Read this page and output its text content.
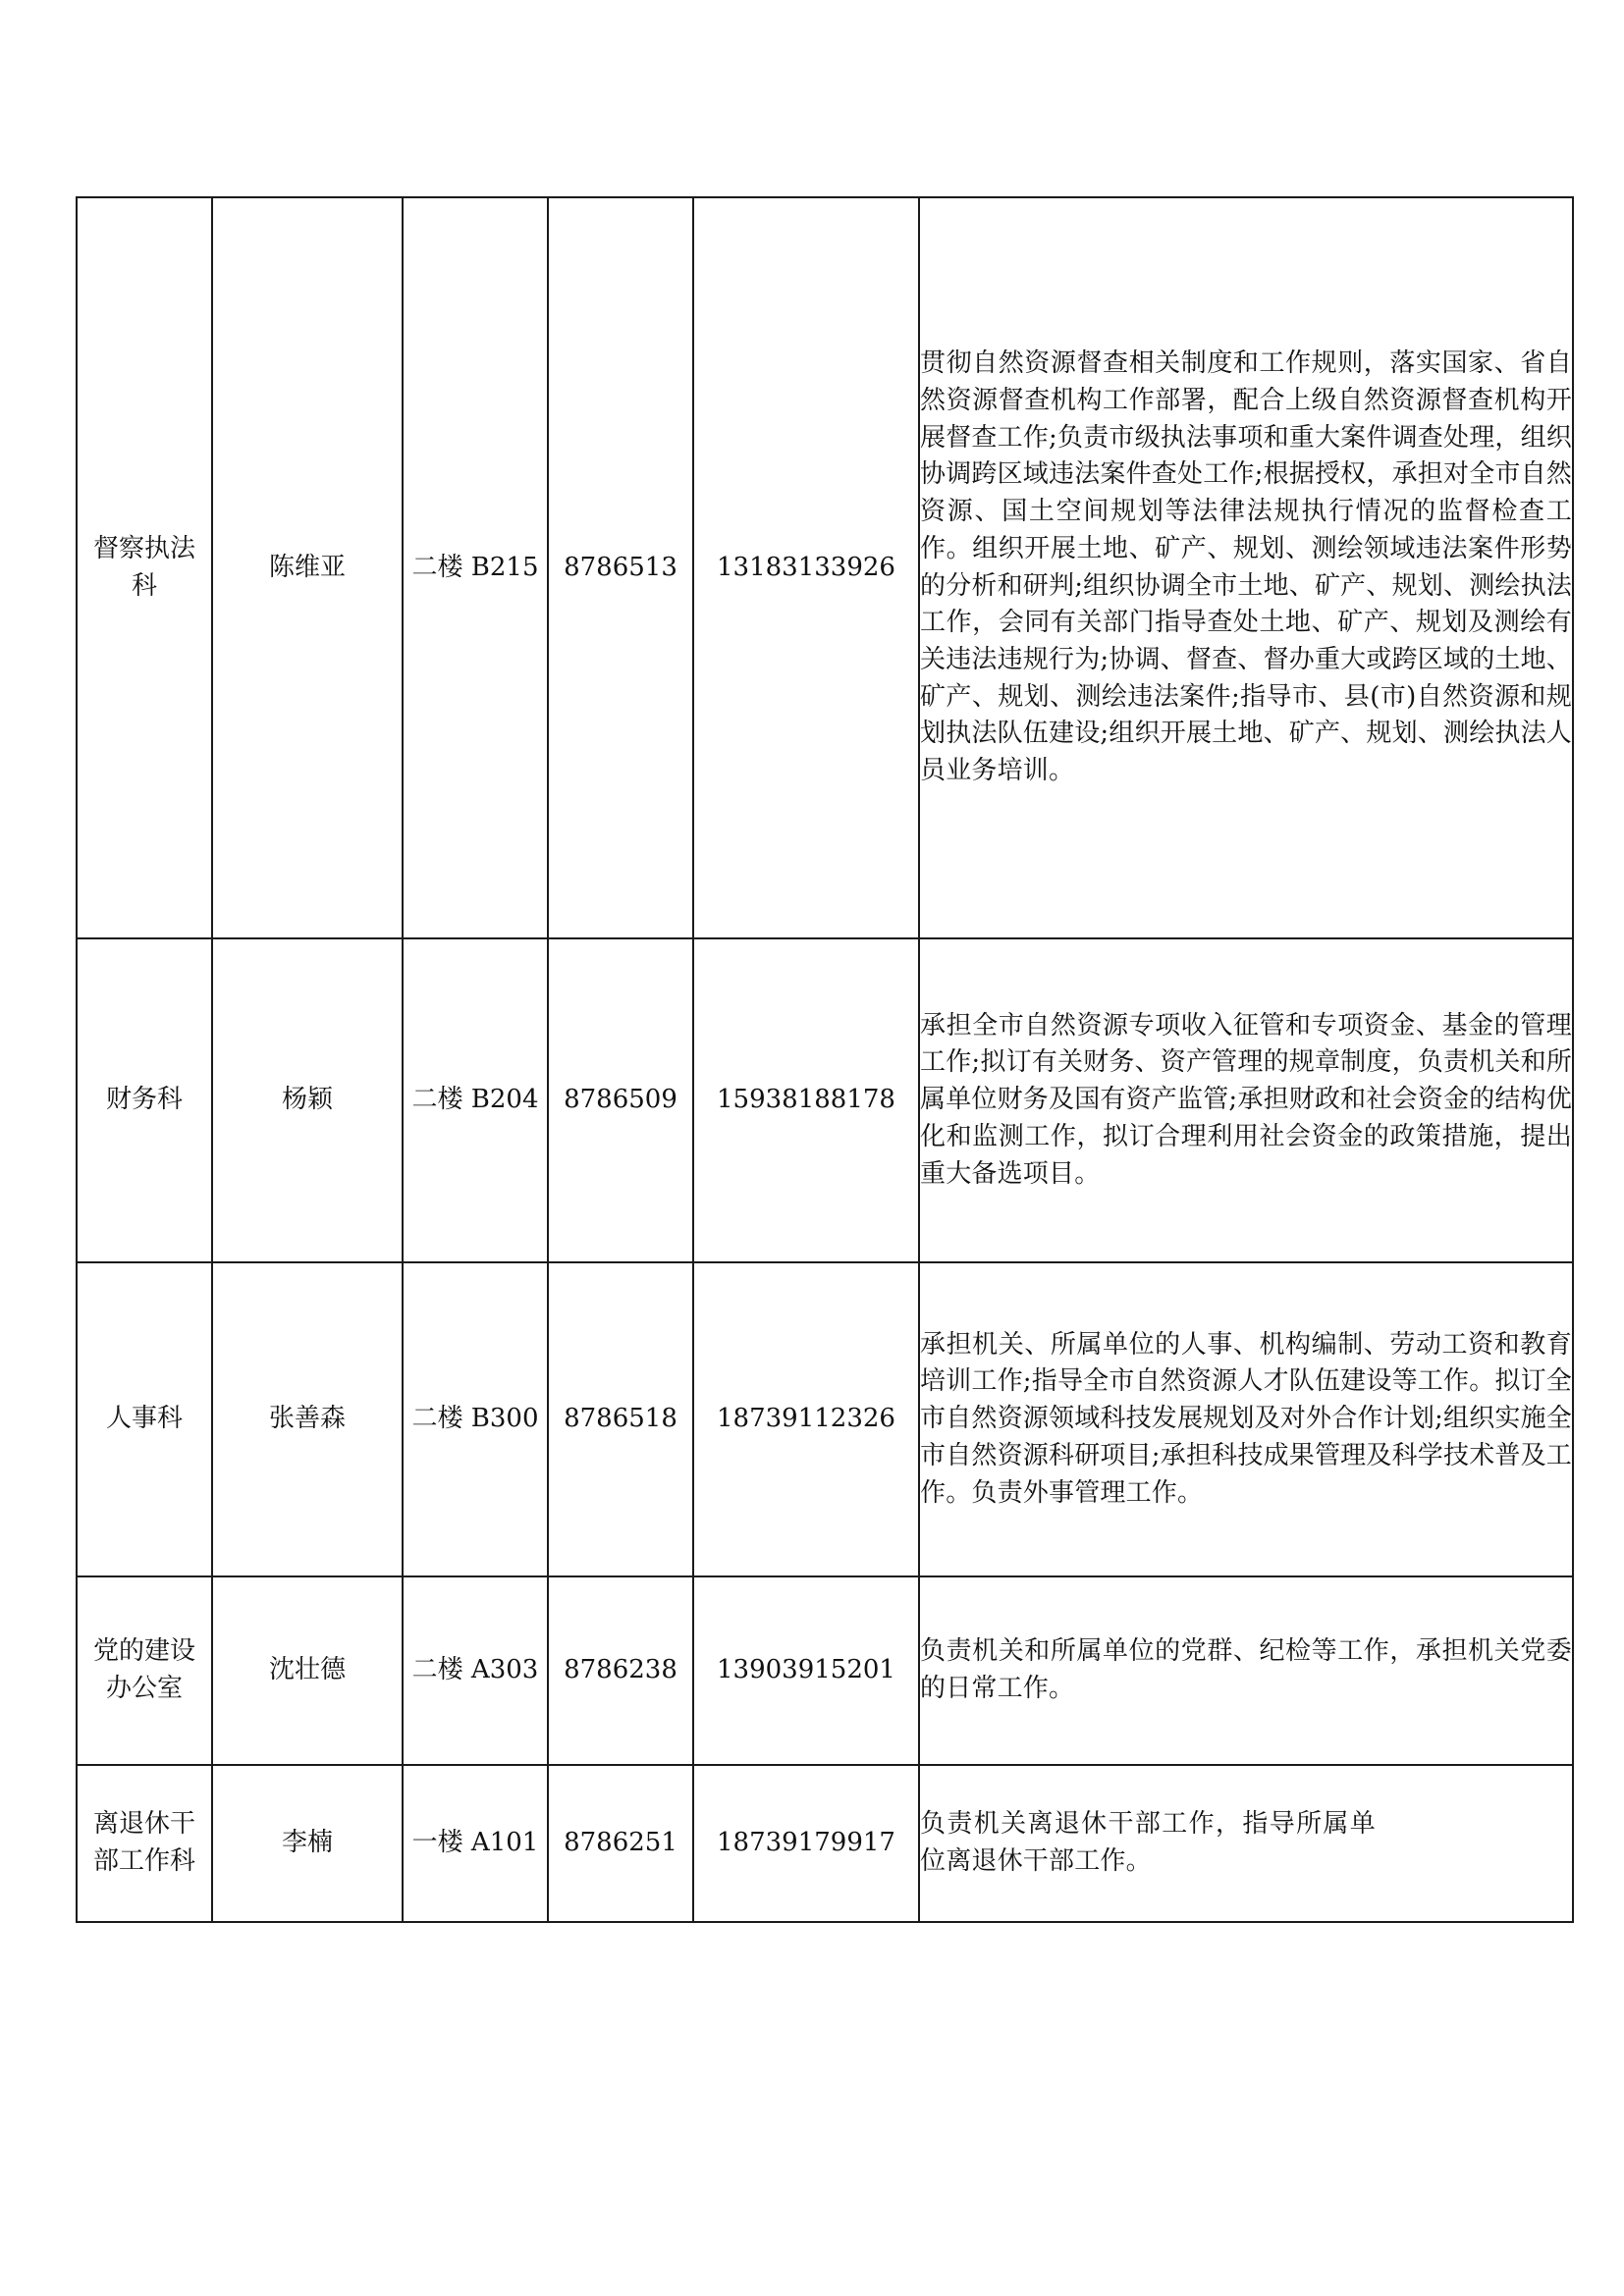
督察执法科	陈维亚	二楼 B215	8786513	13183133926	贯彻自然资源督查相关制度和工作规则，落实国家、省自然资源督查机构工作部署，配合上级自然资源督查机构开展督查工作;负责市级执法事项和重大案件调查处理，组织协调跨区域违法案件查处工作;根据授权，承担对全市自然资源、国土空间规划等法律法规执行情况的监督检查工作。组织开展土地、矿产、规划、测绘领域违法案件形势的分析和研判;组织协调全市土地、矿产、规划、测绘执法工作，会同有关部门指导查处土地、矿产、规划及测绘有关违法违规行为;协调、督查、督办重大或跨区域的土地、矿产、规划、测绘违法案件;指导市、县(市)自然资源和规划执法队伍建设;组织开展土地、矿产、规划、测绘执法人员业务培训。

财务科	杨颖	二楼 B204	8786509	15938188178	承担全市自然资源专项收入征管和专项资金、基金的管理工作;拟订有关财务、资产管理的规章制度，负责机关和所属单位财务及国有资产监管;承担财政和社会资金的结构优化和监测工作，拟订合理利用社会资金的政策措施，提出重大备选项目。

人事科	张善森	二楼 B300	8786518	18739112326	承担机关、所属单位的人事、机构编制、劳动工资和教育培训工作;指导全市自然资源人才队伍建设等工作。拟订全市自然资源领域科技发展规划及对外合作计划;组织实施全市自然资源科研项目;承担科技成果管理及科学技术普及工作。负责外事管理工作。

党的建设办公室	沈壮德	二楼 A303	8786238	13903915201	负责机关和所属单位的党群、纪检等工作，承担机关党委的日常工作。

离退休干部工作科	李楠	一楼 A101	8786251	18739179917	负责机关离退休干部工作，指导所属单位离退休干部工作。
